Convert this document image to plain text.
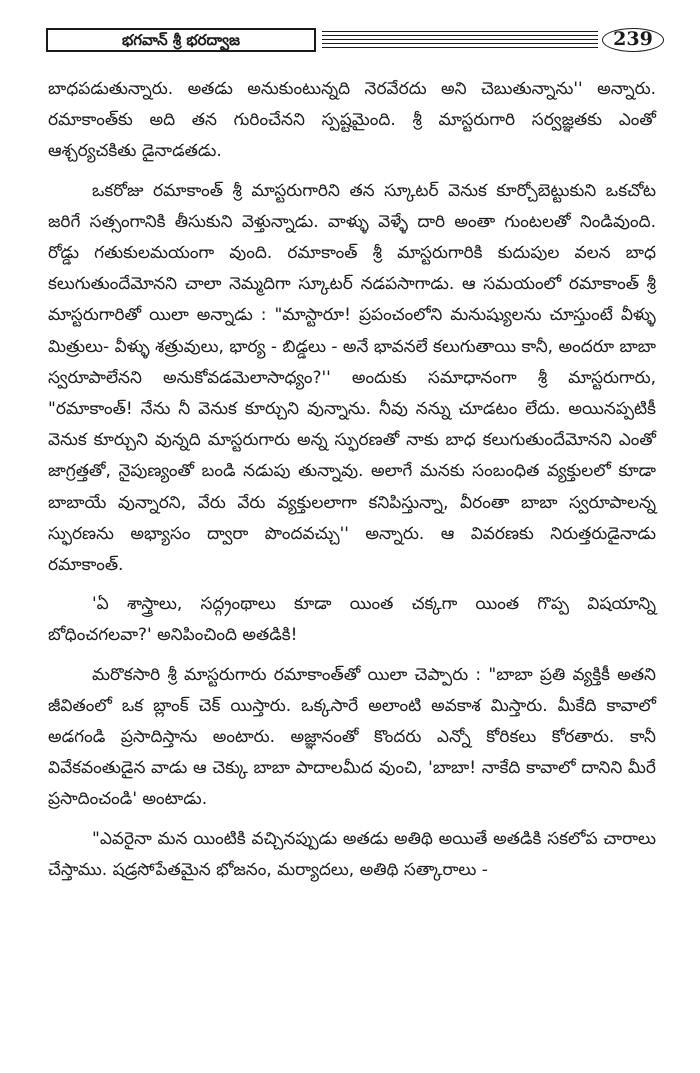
భగవాన్ శ్రీ భరద్వాజ	239

బాధపడుతున్నారు. అతడు అనుకుంటున్నది నెరవేరదు అని చెబుతున్నాను'' అన్నారు. రమాకాంత్‌కు అది తన గురించేనని స్పష్టమైంది. శ్రీ మాస్టరుగారి సర్వజ్ఞతకు ఎంతో ఆశ్చర్యచకితు డైనాడతడు.

ఒకరోజు రమాకాంత్ శ్రీ మాస్టరుగారిని తన స్కూటర్ వెనుక కూర్చోబెట్టుకుని ఒకచోట జరిగే సత్సంగానికి తీసుకుని వెళ్తున్నాడు. వాళ్ళు వెళ్ళే దారి అంతా గుంటలతో నిండివుంది. రోడ్డు గతుకులమయంగా వుంది. రమాకాంత్ శ్రీ మాస్టరుగారికి కుదుపుల వలన బాధ కలుగుతుందేమోనని చాలా నెమ్మదిగా స్కూటర్ నడపసాగాడు. ఆ సమయంలో రమాకాంత్ శ్రీ మాస్టరుగారితో యిలా అన్నాడు : "మాస్టారూ! ప్రపంచంలోని మనుష్యులను చూస్తుంటే వీళ్ళు మిత్రులు- వీళ్ళు శత్రువులు, భార్య - బిడ్డలు - అనే భావనలే కలుగుతాయి కానీ, అందరూ బాబా స్వరూపాలేనని అనుకోవడమెలాసాధ్యం?'' అందుకు సమాధానంగా శ్రీ మాస్టరుగారు, "రమాకాంత్! నేను నీ వెనుక కూర్చుని వున్నాను. నీవు నన్ను చూడటం లేదు. అయినప్పటికీ వెనుక కూర్చుని వున్నది మాస్టరుగారు అన్న స్ఫురణతో నాకు బాధ కలుగుతుందేమోనని ఎంతో జాగ్రత్తతో, నైపుణ్యంతో బండి నడుపు తున్నావు. అలాగే మనకు సంబంధిత వ్యక్తులలో కూడా బాబాయే వున్నారని, వేరు వేరు వ్యక్తులలాగా కనిపిస్తున్నా, వీరంతా బాబా స్వరూపాలన్న స్ఫురణను అభ్యాసం ద్వారా పొందవచ్చు'' అన్నారు. ఆ వివరణకు నిరుత్తరుడైనాడు రమాకాంత్.

'ఏ శాస్త్రాలు, సద్గ్రంథాలు కూడా యింత చక్కగా యింత గొప్ప విషయాన్ని బోధించగలవా?' అనిపించింది అతడికి!

మరొకసారి శ్రీ మాస్టరుగారు రమాకాంత్‌తో యిలా చెప్పారు : "బాబా ప్రతి వ్యక్తికీ అతని జీవితంలో ఒక బ్లాంక్ చెక్ యిస్తారు. ఒక్కసారే అలాంటి అవకాశ మిస్తారు. మీకేది కావాలో అడగండి ప్రసాదిస్తాను అంటారు. అజ్ఞానంతో కొందరు ఎన్నో కోరికలు కోరతారు. కానీ వివేకవంతుడైన వాడు ఆ చెక్కు బాబా పాదాలమీద వుంచి, 'బాబా! నాకేది కావాలో దానిని మీరే ప్రసాదించండి' అంటాడు.

"ఎవరైనా మన యింటికి వచ్చినప్పుడు అతడు అతిథి అయితే అతడికి సకలోప చారాలు చేస్తాము. షడ్రసోపేతమైన భోజనం, మర్యాదలు, అతిథి సత్కారాలు -
